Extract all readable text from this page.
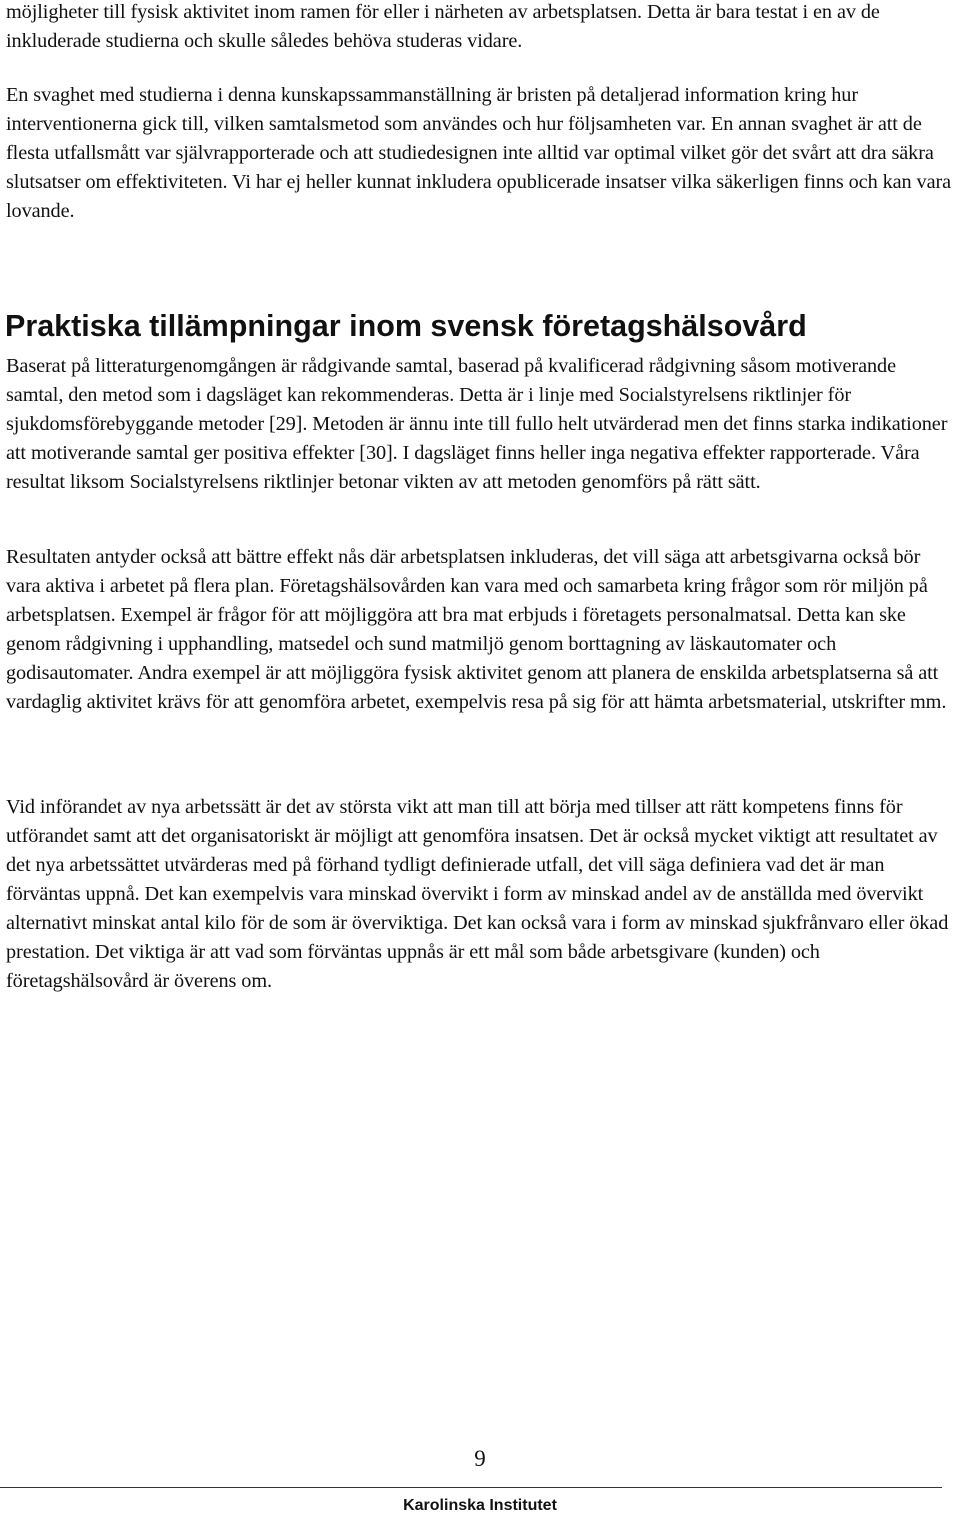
möjligheter till fysisk aktivitet inom ramen för eller i närheten av arbetsplatsen. Detta är bara testat i en av de inkluderade studierna och skulle således behöva studeras vidare.

En svaghet med studierna i denna kunskapssammanställning är bristen på detaljerad information kring hur interventionerna gick till, vilken samtalsmetod som användes och hur följsamheten var. En annan svaghet är att de flesta utfallsmått var självrapporterade och att studiedesignen inte alltid var optimal vilket gör det svårt att dra säkra slutsatser om effektiviteten. Vi har ej heller kunnat inkludera opublicerade insatser vilka säkerligen finns och kan vara lovande.

Praktiska tillämpningar inom svensk företagshälsovård

Baserat på litteraturgenomgången är rådgivande samtal, baserad på kvalificerad rådgivning såsom motiverande samtal, den metod som i dagsläget kan rekommenderas. Detta är i linje med Socialstyrelsens riktlinjer för sjukdomsförebyggande metoder [29]. Metoden är ännu inte till fullo helt utvärderad men det finns starka indikationer att motiverande samtal ger positiva effekter [30]. I dagsläget finns heller inga negativa effekter rapporterade. Våra resultat liksom Socialstyrelsens riktlinjer betonar vikten av att metoden genomförs på rätt sätt.

Resultaten antyder också att bättre effekt nås där arbetsplatsen inkluderas, det vill säga att arbetsgivarna också bör vara aktiva i arbetet på flera plan. Företagshälsovården kan vara med och samarbeta kring frågor som rör miljön på arbetsplatsen. Exempel är frågor för att möjliggöra att bra mat erbjuds i företagets personalmatsal. Detta kan ske genom rådgivning i upphandling, matsedel och sund matmiljö genom borttagning av läskautomater och godisautomater. Andra exempel är att möjliggöra fysisk aktivitet genom att planera de enskilda arbetsplatserna så att vardaglig aktivitet krävs för att genomföra arbetet, exempelvis resa på sig för att hämta arbetsmaterial, utskrifter mm.

Vid införandet av nya arbetssätt är det av största vikt att man till att börja med tillser att rätt kompetens finns för utförandet samt att det organisatoriskt är möjligt att genomföra insatsen. Det är också mycket viktigt att resultatet av det nya arbetssättet utvärderas med på förhand tydligt definierade utfall, det vill säga definiera vad det är man förväntas uppnå. Det kan exempelvis vara minskad övervikt i form av minskad andel av de anställda med övervikt alternativt minskat antal kilo för de som är överviktiga. Det kan också vara i form av minskad sjukfrånvaro eller ökad prestation. Det viktiga är att vad som förväntas uppnås är ett mål som både arbetsgivare (kunden) och företagshälsovård är överens om.

9
Karolinska Institutet
